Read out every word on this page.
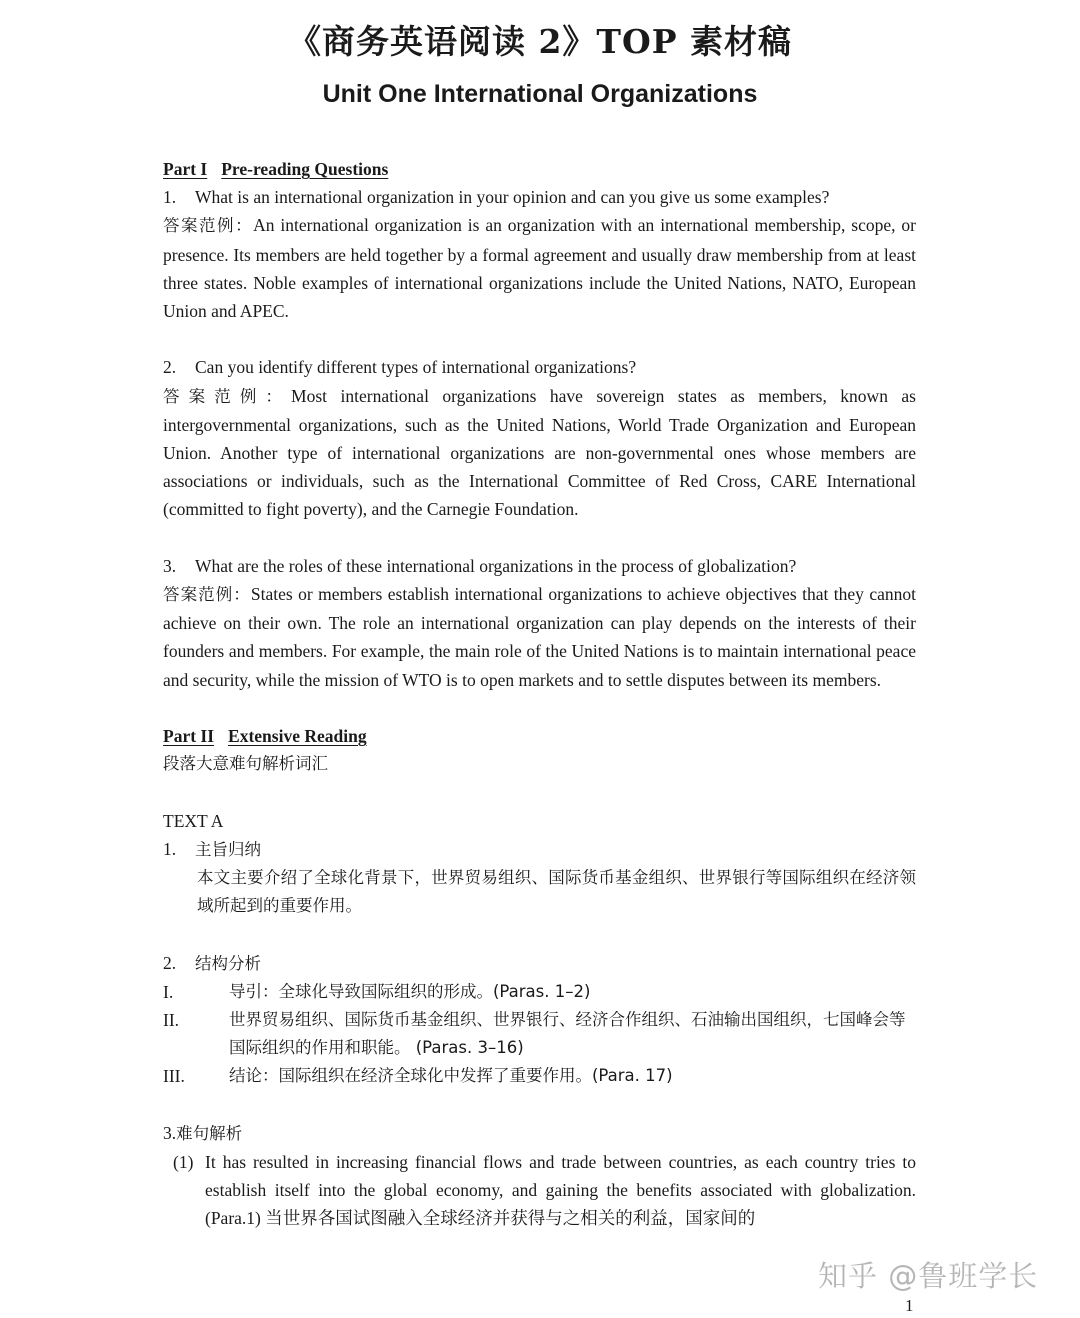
《商务英语阅读 2》TOP 素材稿
Unit One International Organizations

Part I Pre-reading Questions

1. What is an international organization in your opinion and can you give us some examples?

答案范例：An international organization is an organization with an international membership, scope, or presence. Its members are held together by a formal agreement and usually draw membership from at least three states. Noble examples of international organizations include the United Nations, NATO, European Union and APEC.

2. Can you identify different types of international organizations?

答案范例：Most international organizations have sovereign states as members, known as intergovernmental organizations, such as the United Nations, World Trade Organization and European Union. Another type of international organizations are non-governmental ones whose members are associations or individuals, such as the International Committee of Red Cross, CARE International (committed to fight poverty), and the Carnegie Foundation.

3. What are the roles of these international organizations in the process of globalization?

答案范例：States or members establish international organizations to achieve objectives that they cannot achieve on their own. The role an international organization can play depends on the interests of their founders and members. For example, the main role of the United Nations is to maintain international peace and security, while the mission of WTO is to open markets and to settle disputes between its members.

Part II Extensive Reading

段落大意难句解析词汇

TEXT A

1. 主旨归纳

本文主要介绍了全球化背景下，世界贸易组织、国际货币基金组织、世界银行等国际组织在经济领域所起到的重要作用。

2. 结构分析

I.	导引：全球化导致国际组织的形成。(Paras. 1–2)
II.	世界贸易组织、国际货币基金组织、世界银行、经济合作组织、石油输出国组织，七国峰会等国际组织的作用和职能。 (Paras. 3–16)
III.	结论：国际组织在经济全球化中发挥了重要作用。(Para. 17)

3.难句解析

(1) It has resulted in increasing financial flows and trade between countries, as each country tries to establish itself into the global economy, and gaining the benefits associated with globalization. (Para.1) 当世界各国试图融入全球经济并获得与之相关的利益，国家间的
知乎 @鲁班学长
1
